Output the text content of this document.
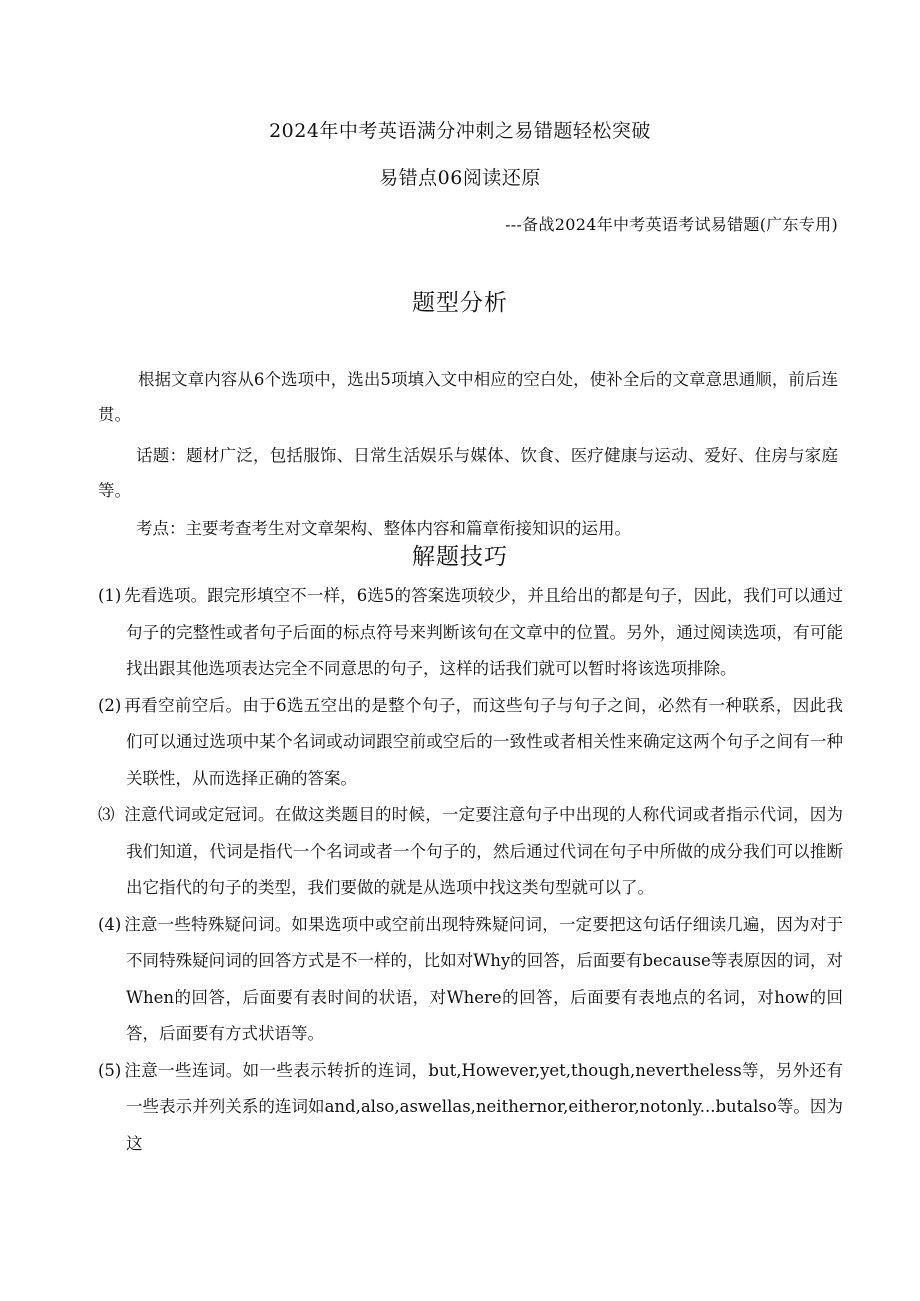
2024年中考英语满分冲刺之易错题轻松突破
易错点06阅读还原
---备战2024年中考英语考试易错题(广东专用)
题型分析

根据文章内容从6个选项中，选出5项填入文中相应的空白处，使补全后的文章意思通顺，前后连贯。

话题：题材广泛，包括服饰、日常生活娱乐与媒体、饮食、医疗健康与运动、爱好、住房与家庭等。

考点：主要考查考生对文章架构、整体内容和篇章衔接知识的运用。

解题技巧
(1) 先看选项。跟完形填空不一样，6选5的答案选项较少，并且给出的都是句子，因此，我们可以通过句子的完整性或者句子后面的标点符号来判断该句在文章中的位置。另外，通过阅读选项，有可能找出跟其他选项表达完全不同意思的句子，这样的话我们就可以暂时将该选项排除。
(2) 再看空前空后。由于6选五空出的是整个句子，而这些句子与句子之间，必然有一种联系，因此我们可以通过选项中某个名词或动词跟空前或空后的一致性或者相关性来确定这两个句子之间有一种关联性，从而选择正确的答案。
⑶ 注意代词或定冠词。在做这类题目的时候，一定要注意句子中出现的人称代词或者指示代词，因为我们知道，代词是指代一个名词或者一个句子的，然后通过代词在句子中所做的成分我们可以推断出它指代的句子的类型，我们要做的就是从选项中找这类句型就可以了。
(4) 注意一些特殊疑问词。如果选项中或空前出现特殊疑问词，一定要把这句话仔细读几遍，因为对于不同特殊疑问词的回答方式是不一样的，比如对Why的回答，后面要有because等表原因的词，对When的回答，后面要有表时间的状语，对Where的回答，后面要有表地点的名词，对how的回答，后面要有方式状语等。
(5) 注意一些连词。如一些表示转折的连词，but,However,yet,though,nevertheless等，另外还有一些表示并列关系的连词如and,also,aswellas,neithernor,eitheror,notonly...butalso等。因为这
